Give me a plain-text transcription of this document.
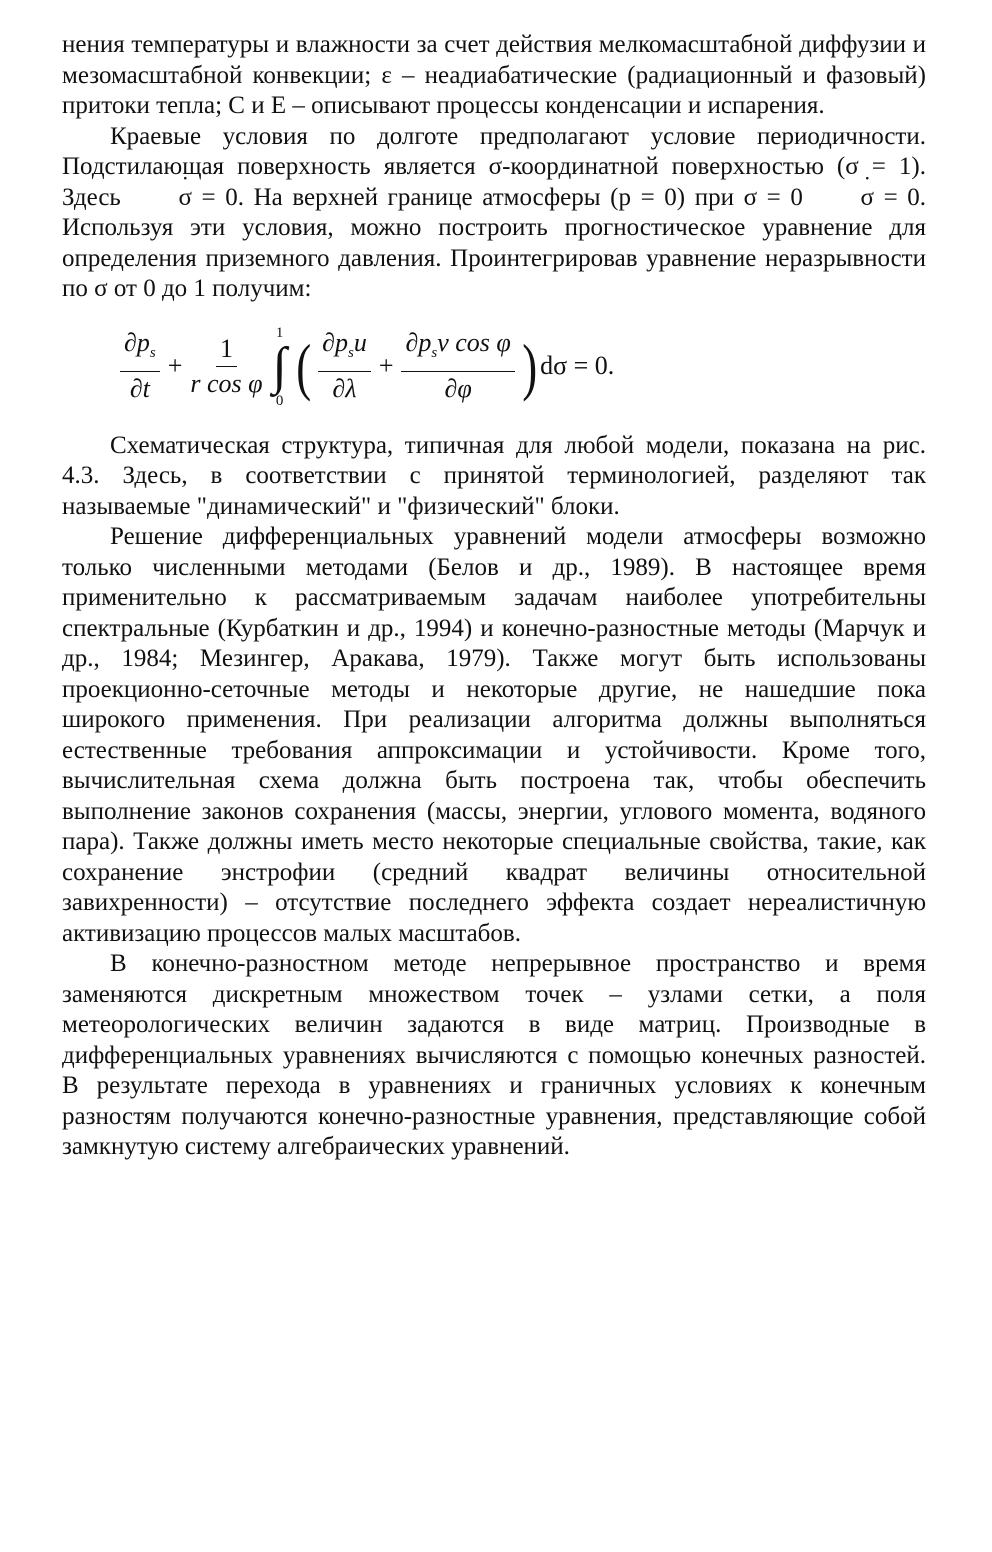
нения температуры и влажности за счет действия мелкомасштабной диффузии и мезомасштабной конвекции; ε – неадиабатические (радиационный и фазовый) притоки тепла; C и E – описывают процессы конденсации и испарения.

Краевые условия по долготе предполагают условие периодичности. Подстилающая поверхность является σ-координатной поверхностью (σ = 1). Здесь ˙ σ = 0. На верхней границе атмосферы (p = 0) при σ = 0 ˙ σ = 0. Используя эти условия, можно построить прогностическое уравнение для определения приземного давления. Проинтегрировав уравнение неразрывности по σ от 0 до 1 получим:

$\frac{\partial p_s}{\partial t} + \frac{1}{\text{r cos φ}}$
1
∫
0 ( $\frac{\partial p_su}{\partial\lambda} + \frac{\partial p_sv \cos \varphi}{\partial\varphi}$ ) dσ = 0.

Схематическая структура, типичная для любой модели, показана на рис. 4.3. Здесь, в соответствии с принятой терминологией, разделяют так называемые "динамический" и "физический" блоки.

Решение дифференциальных уравнений модели атмосферы возможно только численными методами (Белов и др., 1989). В настоящее время применительно к рассматриваемым задачам наиболее употребительны спектральные (Курбаткин и др., 1994) и конечно-разностные методы (Марчук и др., 1984; Мезингер, Аракава, 1979). Также могут быть использованы проекционно-сеточные методы и некоторые другие, не нашедшие пока широкого применения. При реализации алгоритма должны выполняться естественные требования аппроксимации и устойчивости. Кроме того, вычислительная схема должна быть построена так, чтобы обеспечить выполнение законов сохранения (массы, энергии, углового момента, водяного пара). Также должны иметь место некоторые специальные свойства, такие, как сохранение энстрофии (средний квадрат величины относительной завихренности) – отсутствие последнего эффекта создает нереалистичную активизацию процессов малых масштабов.

В конечно-разностном методе непрерывное пространство и время заменяются дискретным множеством точек – узлами сетки, а поля метеорологических величин задаются в виде матриц. Производные в дифференциальных уравнениях вычисляются с помощью конечных разностей. В результате перехода в уравнениях и граничных условиях к конечным разностям получаются конечно-разностные уравнения, представляющие собой замкнутую систему алгебраических уравнений.
